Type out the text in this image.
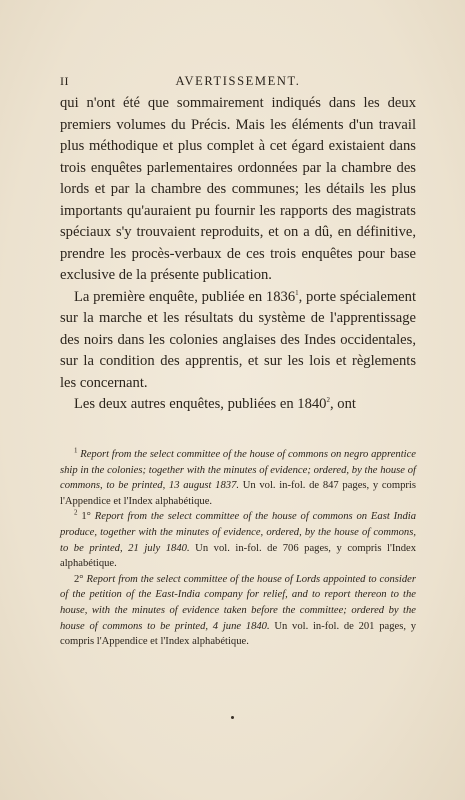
II	AVERTISSEMENT.

qui n'ont été que sommairement indiqués dans les deux premiers volumes du Précis. Mais les éléments d'un travail plus méthodique et plus complet à cet égard existaient dans trois enquêtes parlementaires ordonnées par la chambre des lords et par la chambre des communes; les détails les plus importants qu'auraient pu fournir les rapports des magistrats spéciaux s'y trouvaient reproduits, et on a dû, en définitive, prendre les procès-verbaux de ces trois enquêtes pour base exclusive de la présente publication.

La première enquête, publiée en 1836$^1$, porte spécialement sur la marche et les résultats du système de l'apprentissage des noirs dans les colonies anglaises des Indes occidentales, sur la condition des apprentis, et sur les lois et règlements les concernant.

Les deux autres enquêtes, publiées en 1840$^2$, ont

$^1$ Report from the select committee of the house of commons on negro apprentice ship in the colonies; together with the minutes of evidence; ordered, by the house of commons, to be printed, 13 august 1837. Un vol. in-fol. de 847 pages, y compris l'Appendice et l'Index alphabétique.

$^2$ 1° Report from the select committee of the house of commons on East India produce, together with the minutes of evidence, ordered, by the house of commons, to be printed, 21 july 1840. Un vol. in-fol. de 706 pages, y compris l'Index alphabétique.

2° Report from the select committee of the house of Lords appointed to consider of the petition of the East-India company for relief, and to report thereon to the house, with the minutes of evidence taken before the committee; ordered by the house of commons to be printed, 4 june 1840. Un vol. in-fol. de 201 pages, y compris l'Appendice et l'Index alphabétique.
